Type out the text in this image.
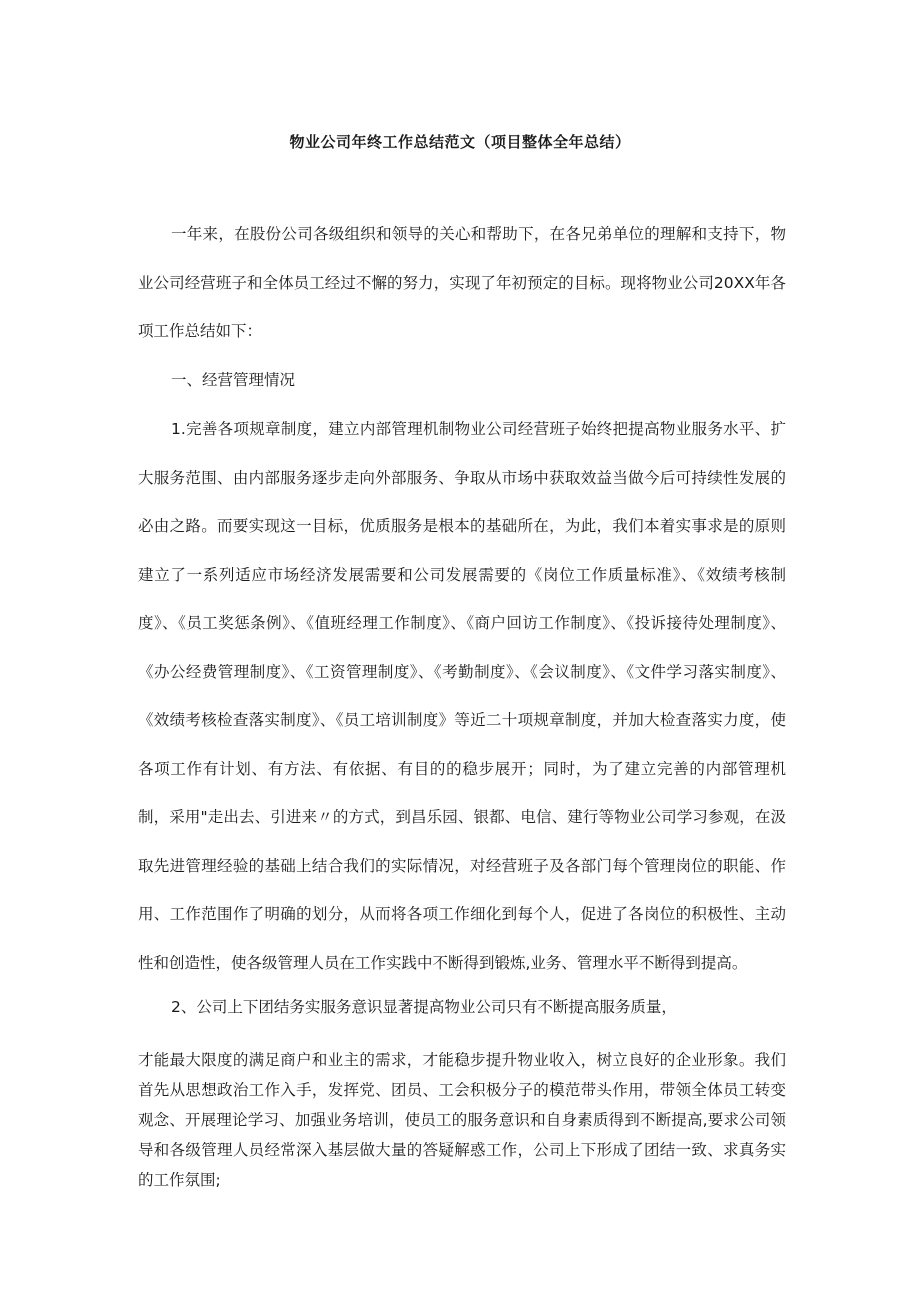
物业公司年终工作总结范文（项目整体全年总结）
一年来，在股份公司各级组织和领导的关心和帮助下，在各兄弟单位的理解和支持下，物业公司经营班子和全体员工经过不懈的努力，实现了年初预定的目标。现将物业公司20XX年各项工作总结如下：
一、经营管理情况
1.完善各项规章制度，建立内部管理机制物业公司经营班子始终把提高物业服务水平、扩大服务范围、由内部服务逐步走向外部服务、争取从市场中获取效益当做今后可持续性发展的必由之路。而要实现这一目标，优质服务是根本的基础所在，为此，我们本着实事求是的原则建立了一系列适应市场经济发展需要和公司发展需要的《岗位工作质量标准》、《效绩考核制度》、《员工奖惩条例》、《值班经理工作制度》、《商户回访工作制度》、《投诉接待处理制度》、《办公经费管理制度》、《工资管理制度》、《考勤制度》、《会议制度》、《文件学习落实制度》、《效绩考核检查落实制度》、《员工培训制度》等近二十项规章制度，并加大检查落实力度，使各项工作有计划、有方法、有依据、有目的的稳步展开；同时，为了建立完善的内部管理机制，采用"走出去、引进来〃的方式，到昌乐园、银都、电信、建行等物业公司学习参观，在汲取先进管理经验的基础上结合我们的实际情况，对经营班子及各部门每个管理岗位的职能、作用、工作范围作了明确的划分，从而将各项工作细化到每个人，促进了各岗位的积极性、主动性和创造性，使各级管理人员在工作实践中不断得到锻炼,业务、管理水平不断得到提高。
2、公司上下团结务实服务意识显著提高物业公司只有不断提高服务质量，
才能最大限度的满足商户和业主的需求，才能稳步提升物业收入，树立良好的企业形象。我们首先从思想政治工作入手，发挥党、团员、工会积极分子的模范带头作用，带领全体员工转变观念、开展理论学习、加强业务培训，使员工的服务意识和自身素质得到不断提高,要求公司领导和各级管理人员经常深入基层做大量的答疑解惑工作，公司上下形成了团结一致、求真务实的工作氛围;
